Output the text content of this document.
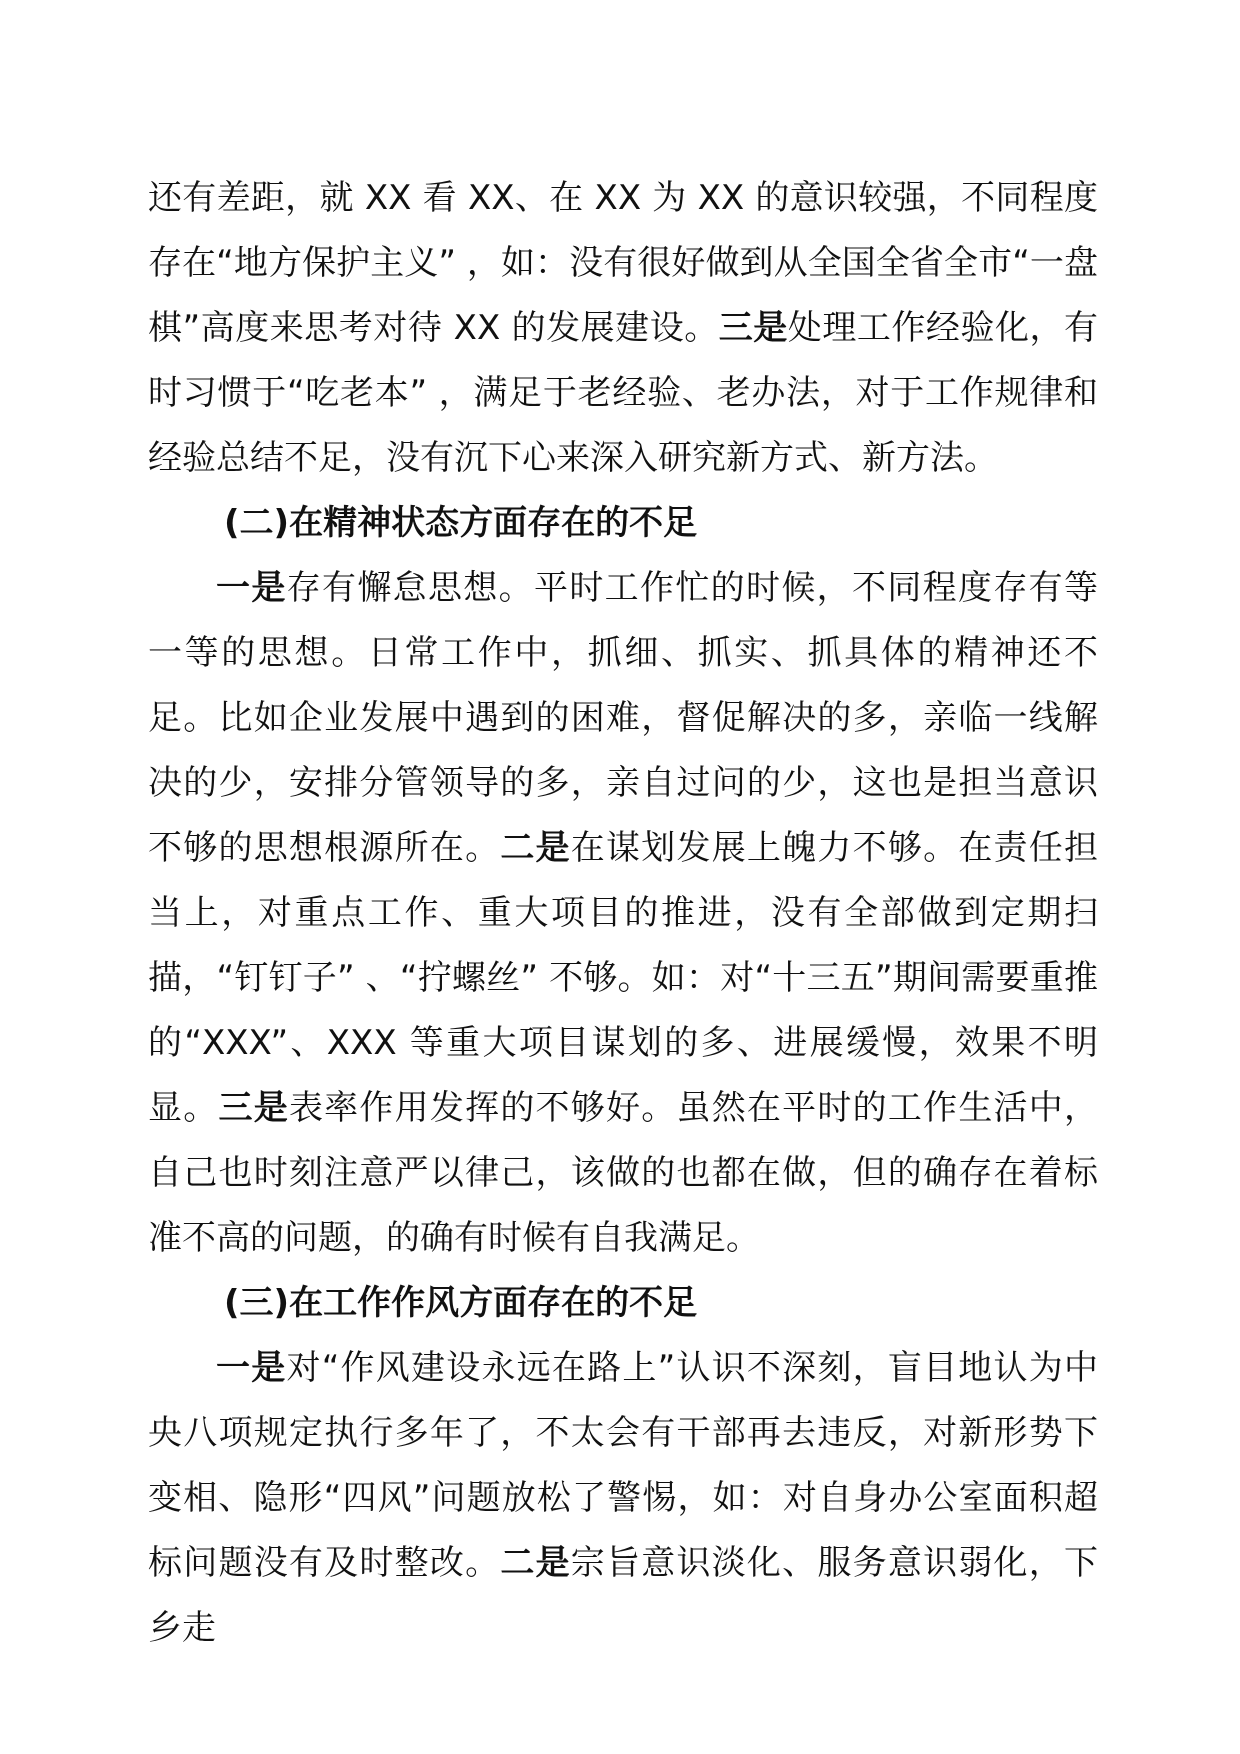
还有差距，就 XX 看 XX、在 XX 为 XX 的意识较强，不同程度存在“地方保护主义” ，如：没有很好做到从全国全省全市“一盘棋”高度来思考对待 XX 的发展建设。三是处理工作经验化，有时习惯于“吃老本” ，满足于老经验、老办法，对于工作规律和经验总结不足，没有沉下心来深入研究新方式、新方法。

(二)在精神状态方面存在的不足

一是存有懈怠思想。平时工作忙的时候，不同程度存有等一等的思想。日常工作中，抓细、抓实、抓具体的精神还不足。比如企业发展中遇到的困难，督促解决的多，亲临一线解决的少，安排分管领导的多，亲自过问的少，这也是担当意识不够的思想根源所在。二是在谋划发展上魄力不够。在责任担当上，对重点工作、重大项目的推进，没有全部做到定期扫描，“钉钉子” 、“拧螺丝” 不够。如：对“十三五”期间需要重推的“XXX”、XXX 等重大项目谋划的多、进展缓慢，效果不明显。三是表率作用发挥的不够好。虽然在平时的工作生活中，自己也时刻注意严以律己，该做的也都在做，但的确存在着标准不高的问题，的确有时候有自我满足。

(三)在工作作风方面存在的不足

一是对“作风建设永远在路上”认识不深刻，盲目地认为中央八项规定执行多年了，不太会有干部再去违反，对新形势下变相、隐形“四风”问题放松了警惕，如：对自身办公室面积超标问题没有及时整改。二是宗旨意识淡化、服务意识弱化，下乡走
